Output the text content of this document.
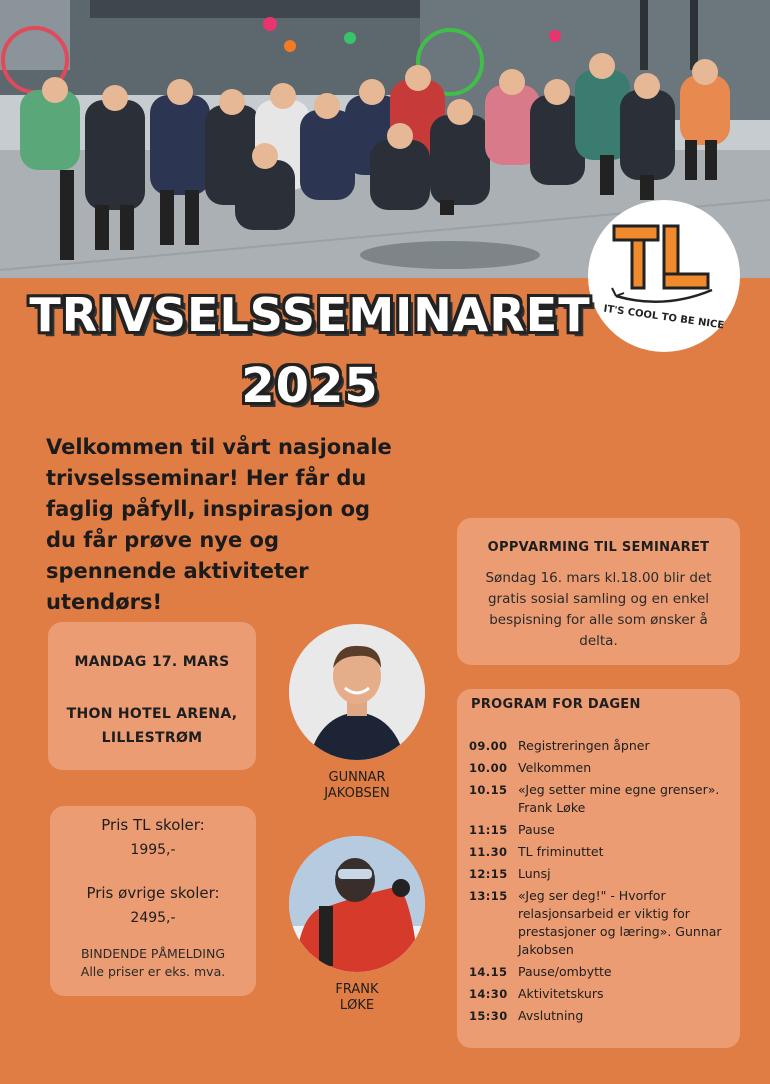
IT'S COOL TO BE NICE
TL
TRIVSELSSEMINARET
2025
Velkommen til vårt nasjonale trivselsseminar! Her får du faglig påfyll, inspirasjon og du får prøve nye og spennende aktiviteter utendørs!
MANDAG 17. MARS
THON HOTEL ARENA,
LILLESTRØM
Pris TL skoler:
1995,-
Pris øvrige skoler:
2495,-
BINDENDE PÅMELDING
Alle priser er eks. mva.
GUNNAR
JAKOBSEN
FRANK
LØKE
OPPVARMING TIL SEMINARET
Søndag 16. mars kl.18.00 blir det gratis sosial samling og en enkel bespisning for alle som ønsker å delta.
PROGRAM FOR DAGEN
09.00 Registreringen åpner
10.00 Velkommen
10.15 «Jeg setter mine egne grenser». Frank Løke
11:15 Pause
11.30 TL friminuttet
12:15 Lunsj
13:15 «Jeg ser deg!" - Hvorfor relasjonsarbeid er viktig for prestasjoner og læring». Gunnar Jakobsen
14.15 Pause/ombytte
14:30 Aktivitetskurs
15:30 Avslutning
